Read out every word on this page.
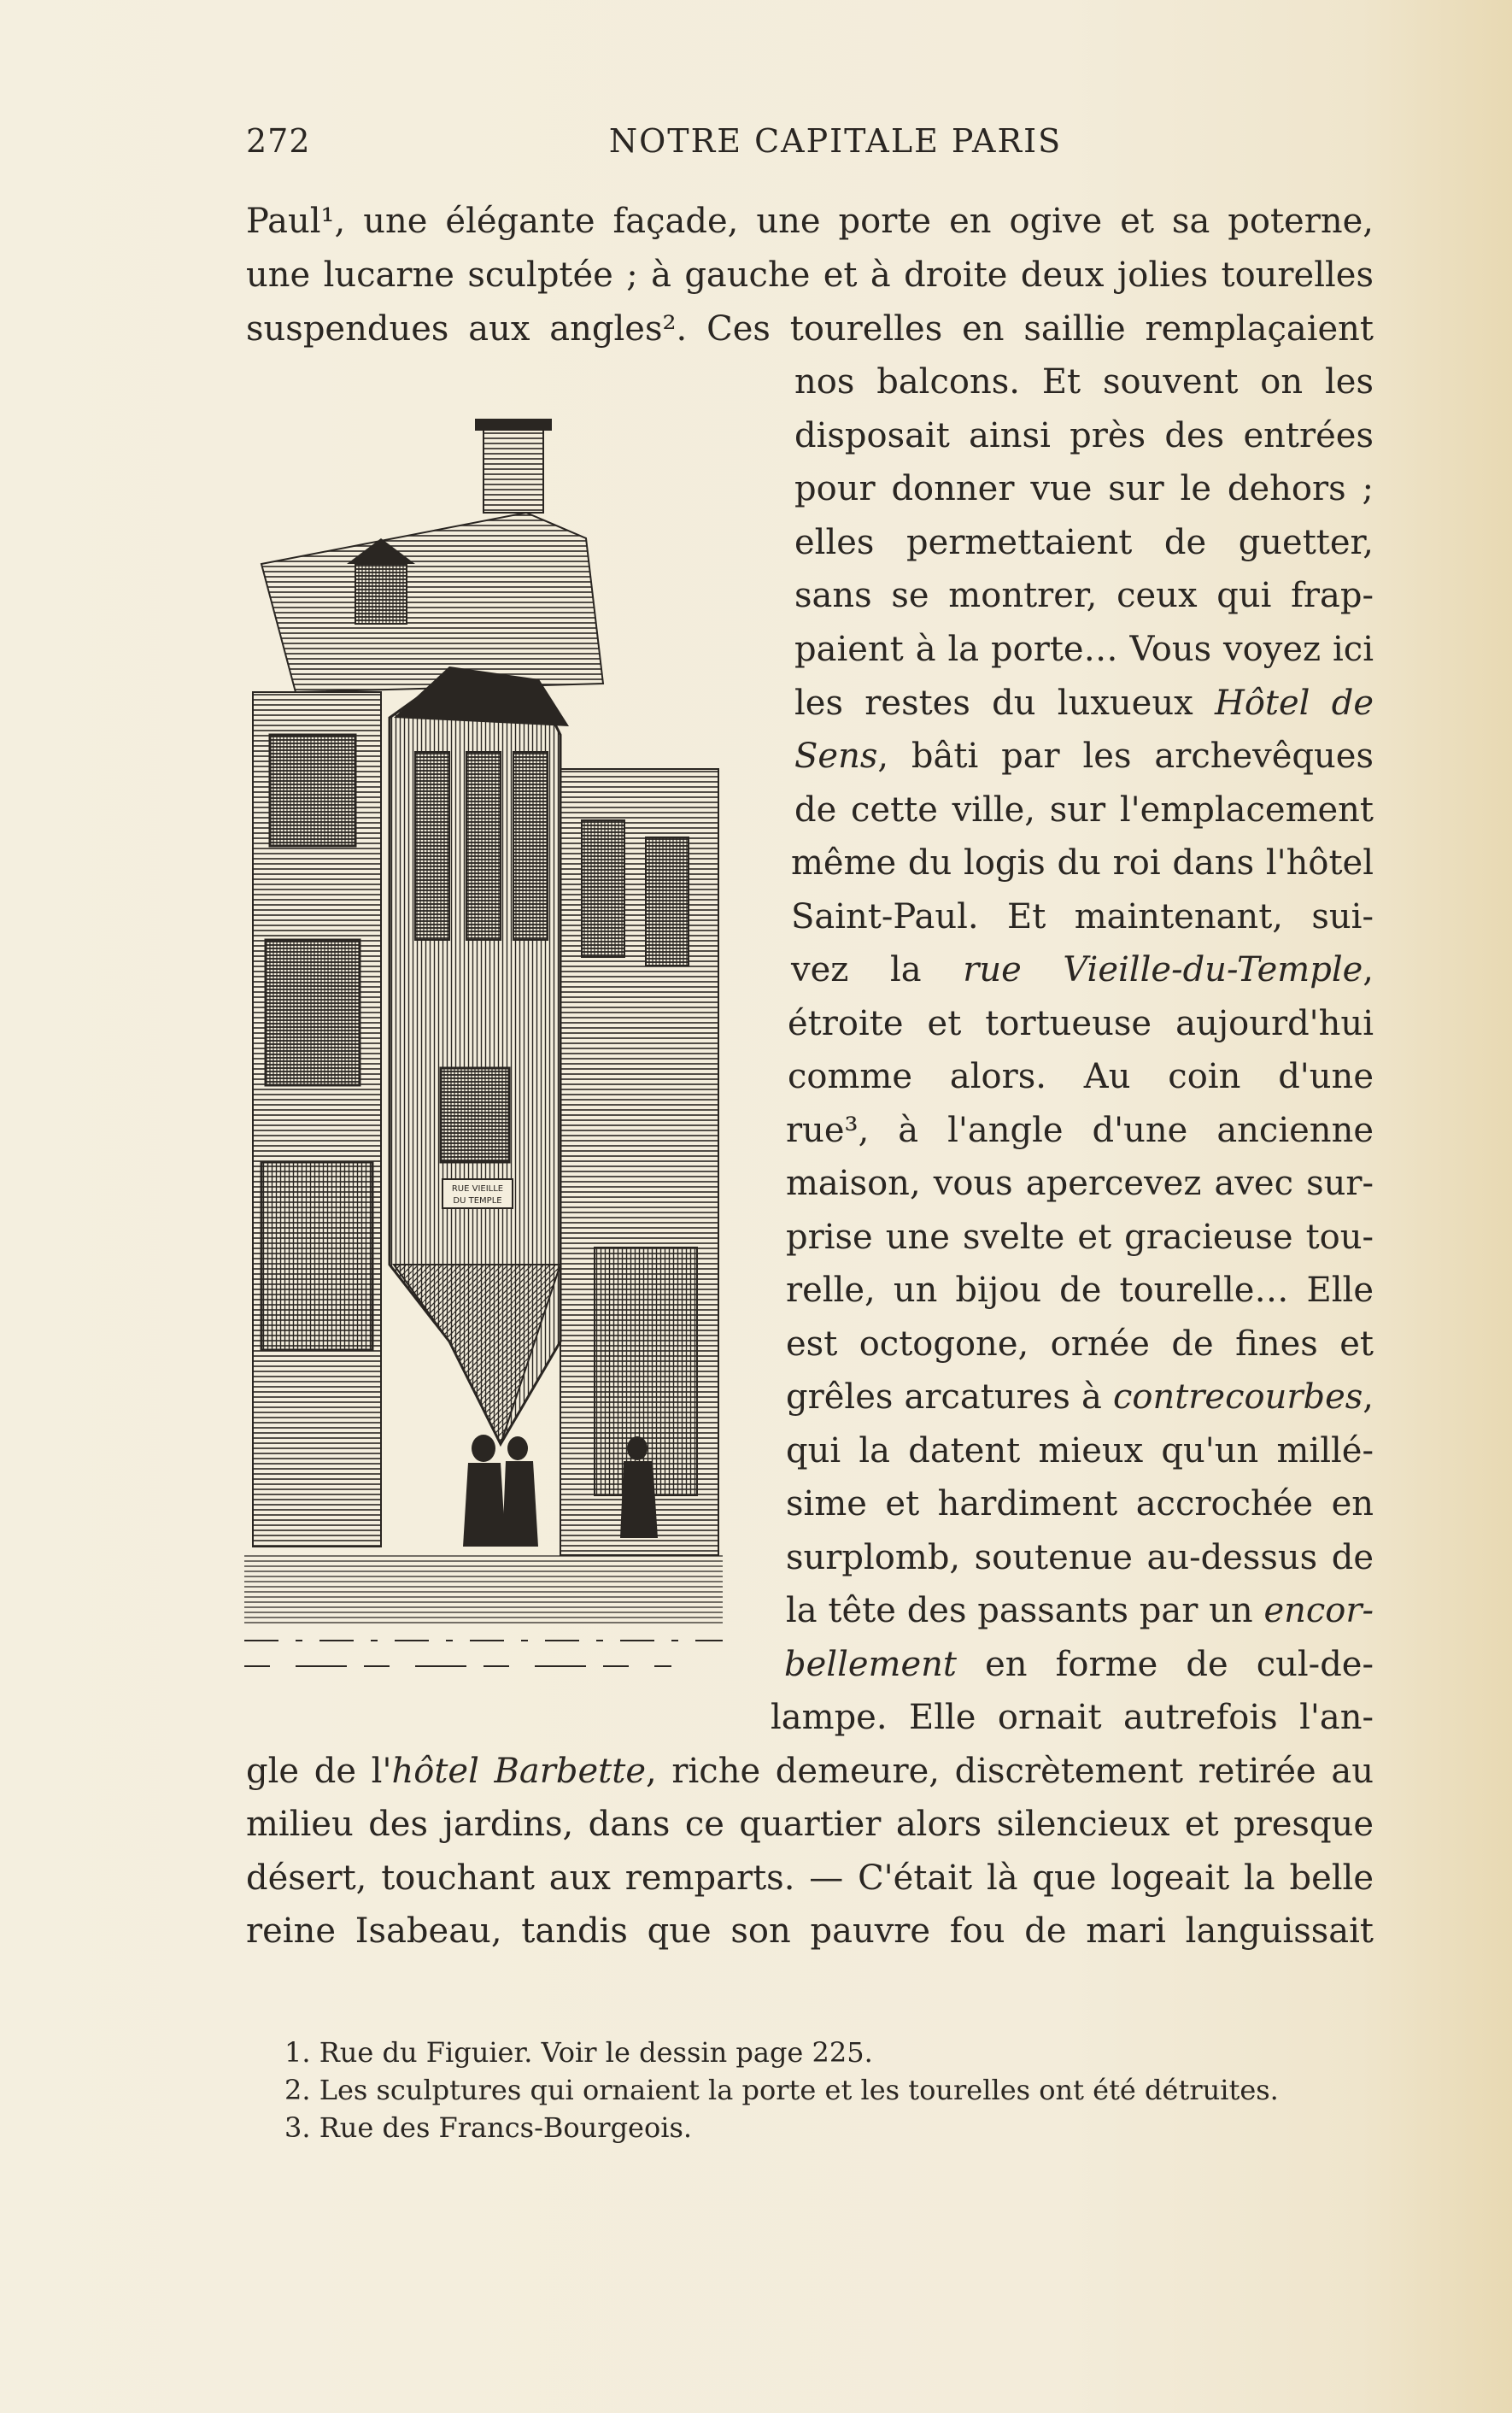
272	NOTRE CAPITALE PARIS
Paul¹, une élégante façade, une porte en ogive et sa poterne,
une lucarne sculptée ; à gauche et à droite deux jolies tourelles
suspendues aux angles². Ces tourelles en saillie remplaçaient
nos balcons. Et souvent on les
disposait ainsi près des entrées
pour donner vue sur le dehors ;
elles permettaient de guetter,
sans se montrer, ceux qui frap-
paient à la porte… Vous voyez ici
les restes du luxueux Hôtel de
Sens, bâti par les archevêques
de cette ville, sur l'emplacement
même du logis du roi dans l'hôtel
Saint-Paul. Et maintenant, sui-
vez la rue Vieille-du-Temple,
étroite et tortueuse aujourd'hui
comme alors. Au coin d'une
rue³, à l'angle d'une ancienne
maison, vous apercevez avec sur-
prise une svelte et gracieuse tou-
relle, un bijou de tourelle… Elle
est octogone, ornée de fines et
grêles arcatures à contrecourbes,
qui la datent mieux qu'un millé-
sime et hardiment accrochée en
surplomb, soutenue au-dessus de
la tête des passants par un encor-
bellement en forme de cul-de-
lampe. Elle ornait autrefois l'an-
gle de l'hôtel Barbette, riche demeure, discrètement retirée au
milieu des jardins, dans ce quartier alors silencieux et presque
désert, touchant aux remparts. — C'était là que logeait la belle
reine Isabeau, tandis que son pauvre fou de mari languissait
RUE VIEILLE
DU TEMPLE
1. Rue du Figuier. Voir le dessin page 225.
2. Les sculptures qui ornaient la porte et les tourelles ont été détruites.
3. Rue des Francs-Bourgeois.
